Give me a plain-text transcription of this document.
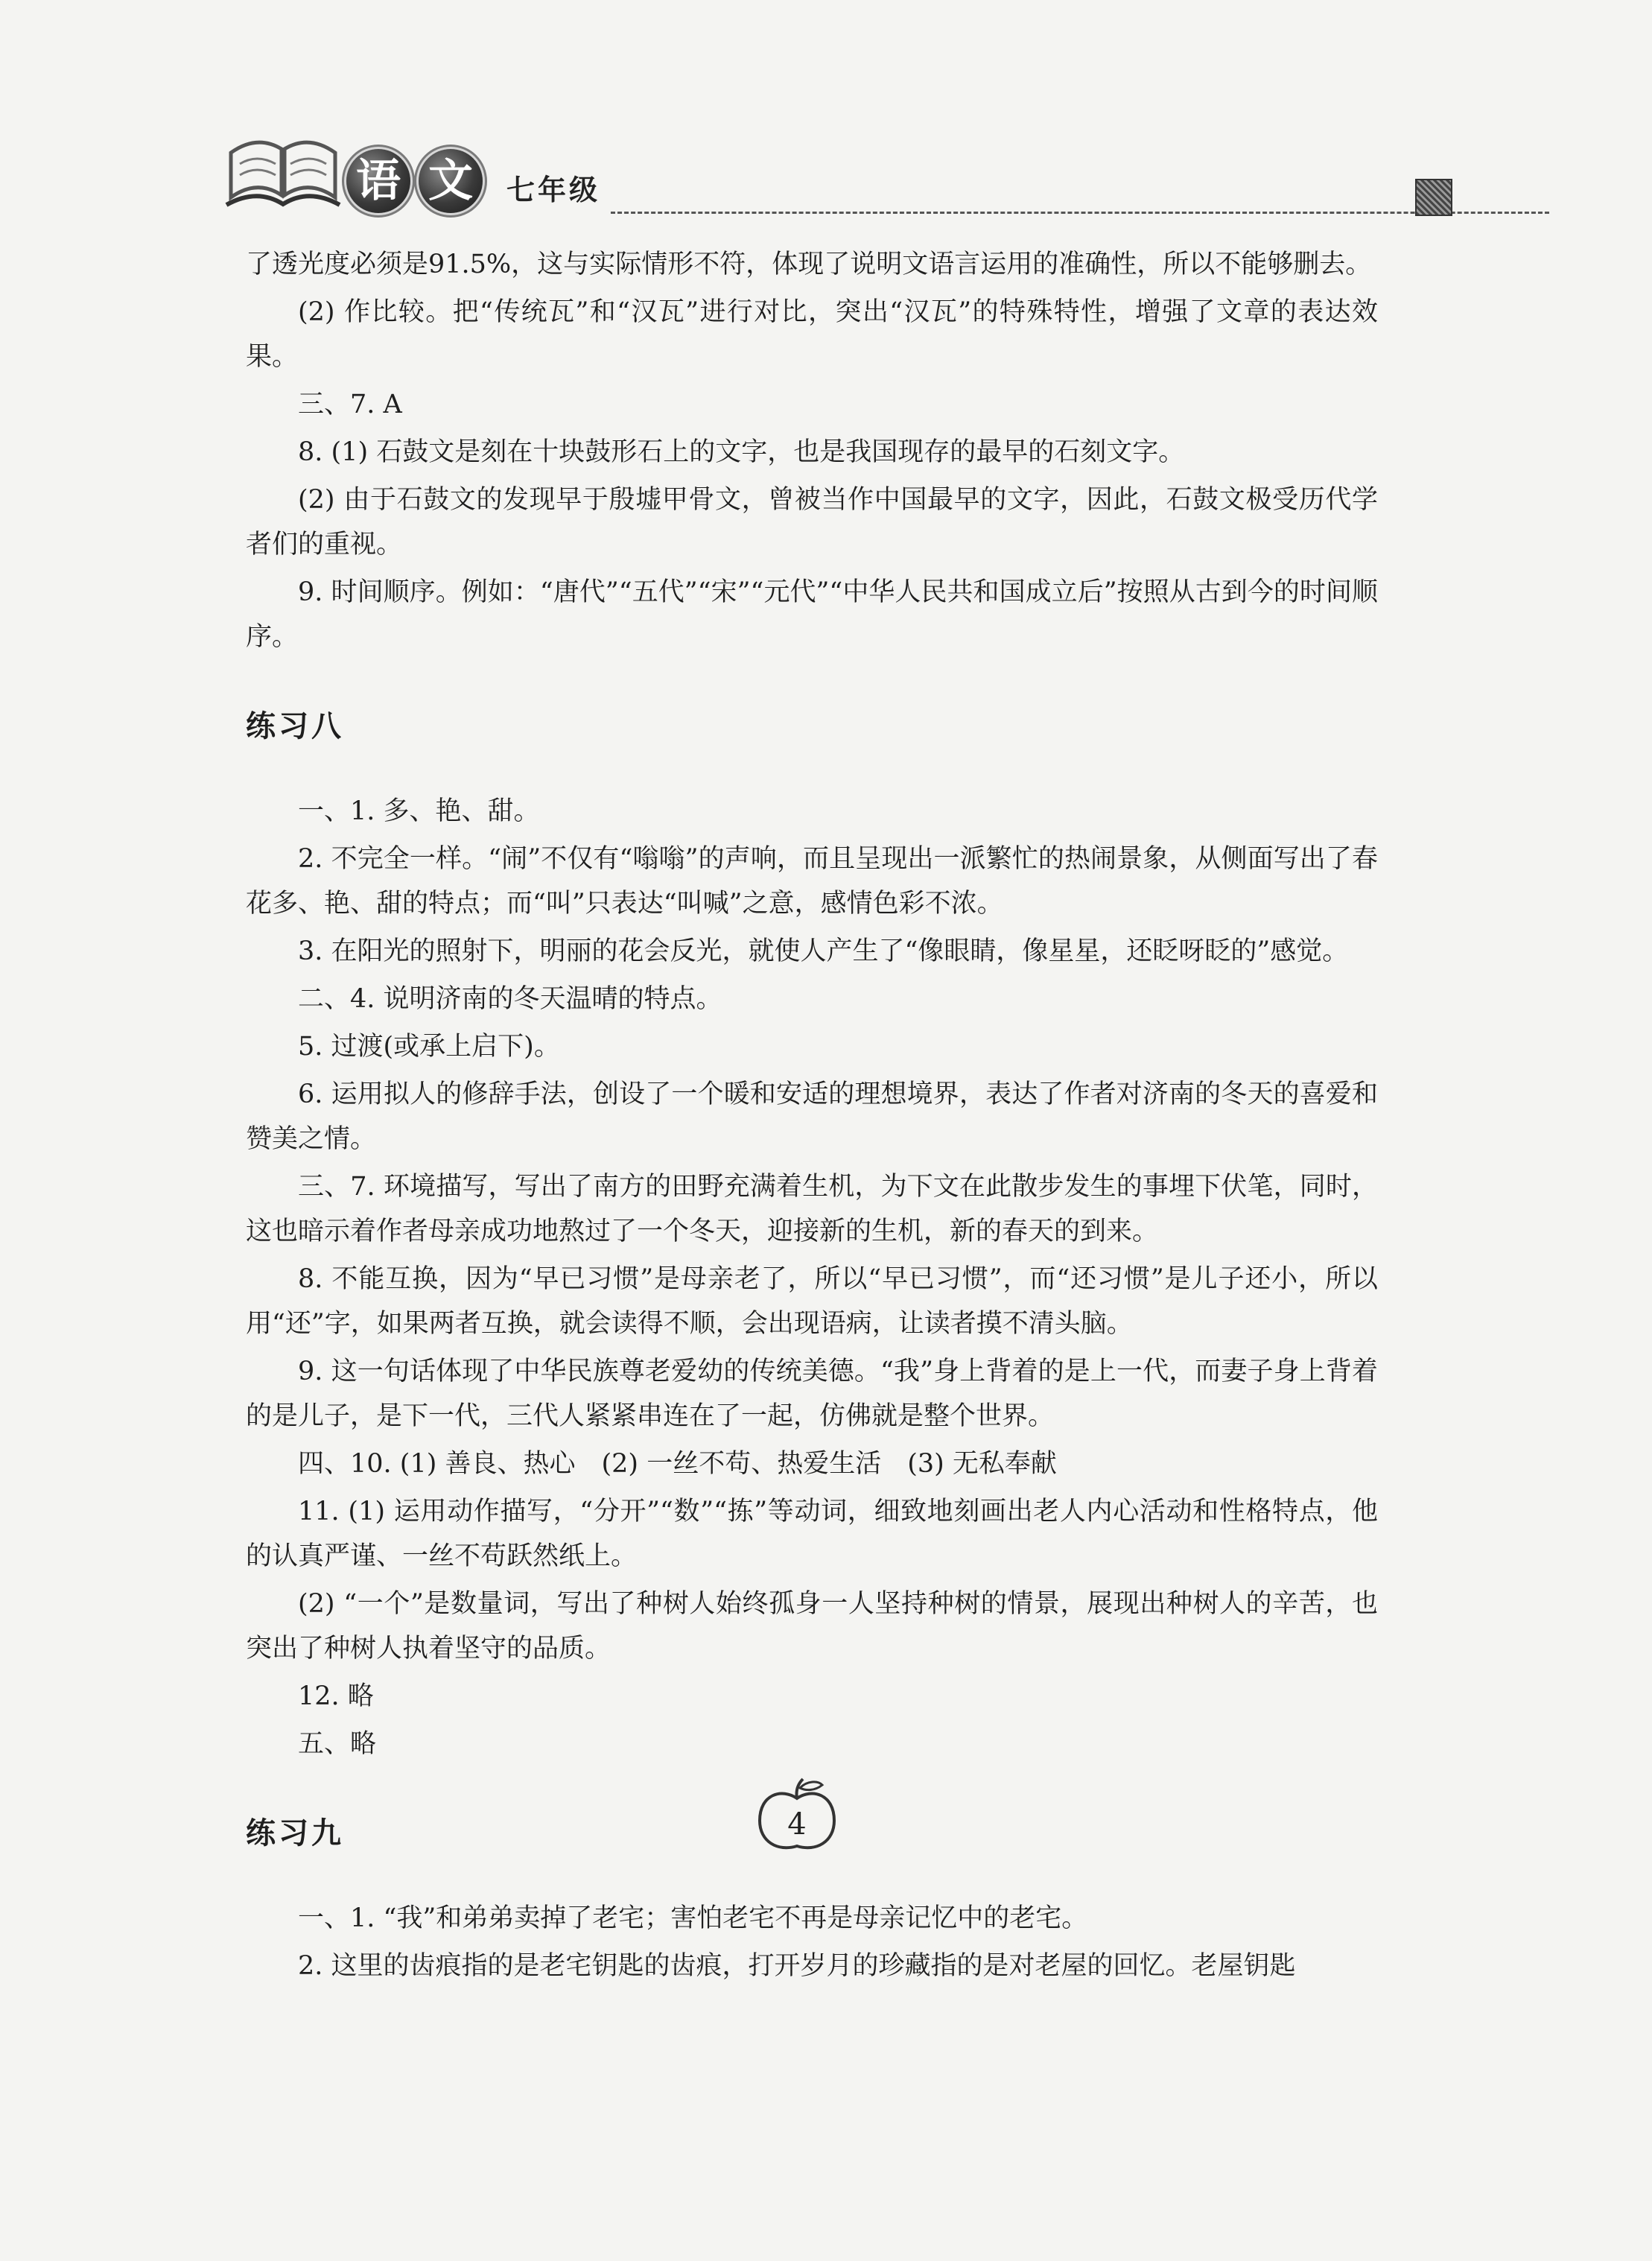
语 文	七年级

了透光度必须是91.5%，这与实际情形不符，体现了说明文语言运用的准确性，所以不能够删去。

(2) 作比较。把“传统瓦”和“汉瓦”进行对比，突出“汉瓦”的特殊特性，增强了文章的表达效果。

三、7. A

8. (1) 石鼓文是刻在十块鼓形石上的文字，也是我国现存的最早的石刻文字。

(2) 由于石鼓文的发现早于殷墟甲骨文，曾被当作中国最早的文字，因此，石鼓文极受历代学者们的重视。

9. 时间顺序。例如：“唐代”“五代”“宋”“元代”“中华人民共和国成立后”按照从古到今的时间顺序。

练习八

一、1. 多、艳、甜。

2. 不完全一样。“闹”不仅有“嗡嗡”的声响，而且呈现出一派繁忙的热闹景象，从侧面写出了春花多、艳、甜的特点；而“叫”只表达“叫喊”之意，感情色彩不浓。

3. 在阳光的照射下，明丽的花会反光，就使人产生了“像眼睛，像星星，还眨呀眨的”感觉。

二、4. 说明济南的冬天温晴的特点。

5. 过渡(或承上启下)。

6. 运用拟人的修辞手法，创设了一个暖和安适的理想境界，表达了作者对济南的冬天的喜爱和赞美之情。

三、7. 环境描写，写出了南方的田野充满着生机，为下文在此散步发生的事埋下伏笔，同时，这也暗示着作者母亲成功地熬过了一个冬天，迎接新的生机，新的春天的到来。

8. 不能互换，因为“早已习惯”是母亲老了，所以“早已习惯”，而“还习惯”是儿子还小，所以用“还”字，如果两者互换，就会读得不顺，会出现语病，让读者摸不清头脑。

9. 这一句话体现了中华民族尊老爱幼的传统美德。“我”身上背着的是上一代，而妻子身上背着的是儿子，是下一代，三代人紧紧串连在了一起，仿佛就是整个世界。

四、10. (1) 善良、热心　(2) 一丝不苟、热爱生活　(3) 无私奉献

11. (1) 运用动作描写，“分开”“数”“拣”等动词，细致地刻画出老人内心活动和性格特点，他的认真严谨、一丝不苟跃然纸上。

(2) “一个”是数量词，写出了种树人始终孤身一人坚持种树的情景，展现出种树人的辛苦，也突出了种树人执着坚守的品质。

12. 略

五、略

练习九

一、1. “我”和弟弟卖掉了老宅；害怕老宅不再是母亲记忆中的老宅。

2. 这里的齿痕指的是老宅钥匙的齿痕，打开岁月的珍藏指的是对老屋的回忆。老屋钥匙

4
